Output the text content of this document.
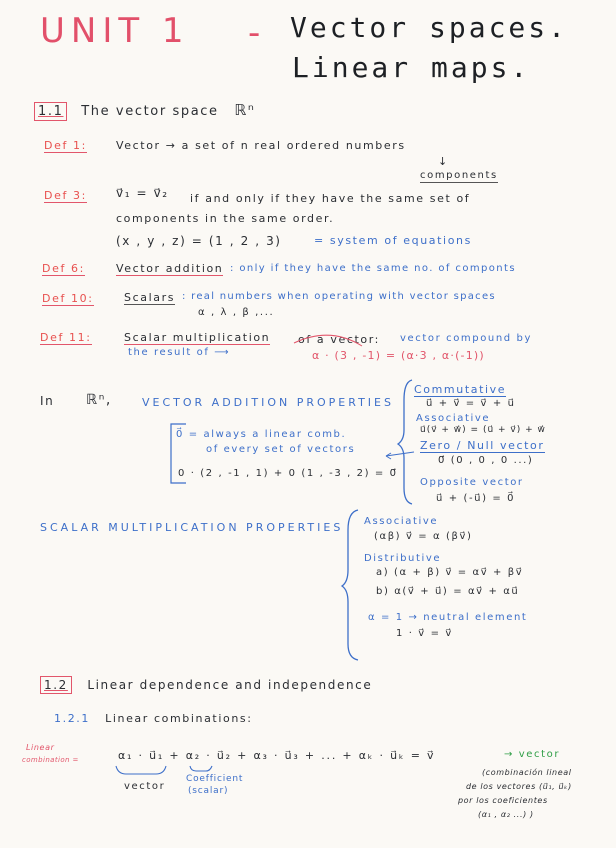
UNIT 1 - Vector spaces.
Linear maps.
1.1 The vector space ℝⁿ
Def 1:	Vector → a set of n real ordered numbers
↓
components
Def 3: v⃗₁ = v⃗₂ if and only if they have the same set of
components in the same order.
(x , y , z) = (1 , 2 , 3)	= system of equations
Def 6:	Vector addition : only if they have the same no. of componts
Def 10:	Scalars : real numbers when operating with vector spaces
α , λ , β ,...
Def 11:	Scalar multiplication	of a vector: vector compound by
the result of ⟶	α · (3 , -1) = (α·3 , α·(-1))
In ℝⁿ,	VECTOR ADDITION PROPERTIES
0⃗ = always a linear comb.
of every set of vectors
0 · (2 , -1 , 1) + 0 (1 , -3 , 2) = 0⃗
Commutative
u⃗ + v⃗ = v⃗ + u⃗
Associative
u⃗(v⃗ + w⃗) = (u⃗ + v⃗) + w⃗
Zero / Null vector
0⃗ (0 , 0 , 0 ...)
Opposite vector
u⃗ + (-u⃗) = 0⃗
SCALAR MULTIPLICATION PROPERTIES Associative
(αβ) v⃗ = α (βv⃗)
Distributive
a) (α + β) v⃗ = αv⃗ + βv⃗
b) α(v⃗ + u⃗) = αv⃗ + αu⃗
α = 1 → neutral element
1 · v⃗ = v⃗
1.2 Linear dependence and independence
1.2.1 Linear combinations:
Linear
combination =	α₁ · u⃗₁ + α₂ · u⃗₂ + α₃ · u⃗₃ + ... + αₖ · u⃗ₖ = v⃗	→ vector
Coefficient
(scalar)
vector
(combinación lineal
de los vectores (u⃗₁, u⃗ₖ)
por los coeficientes
(α₁ , α₂ ...) )
